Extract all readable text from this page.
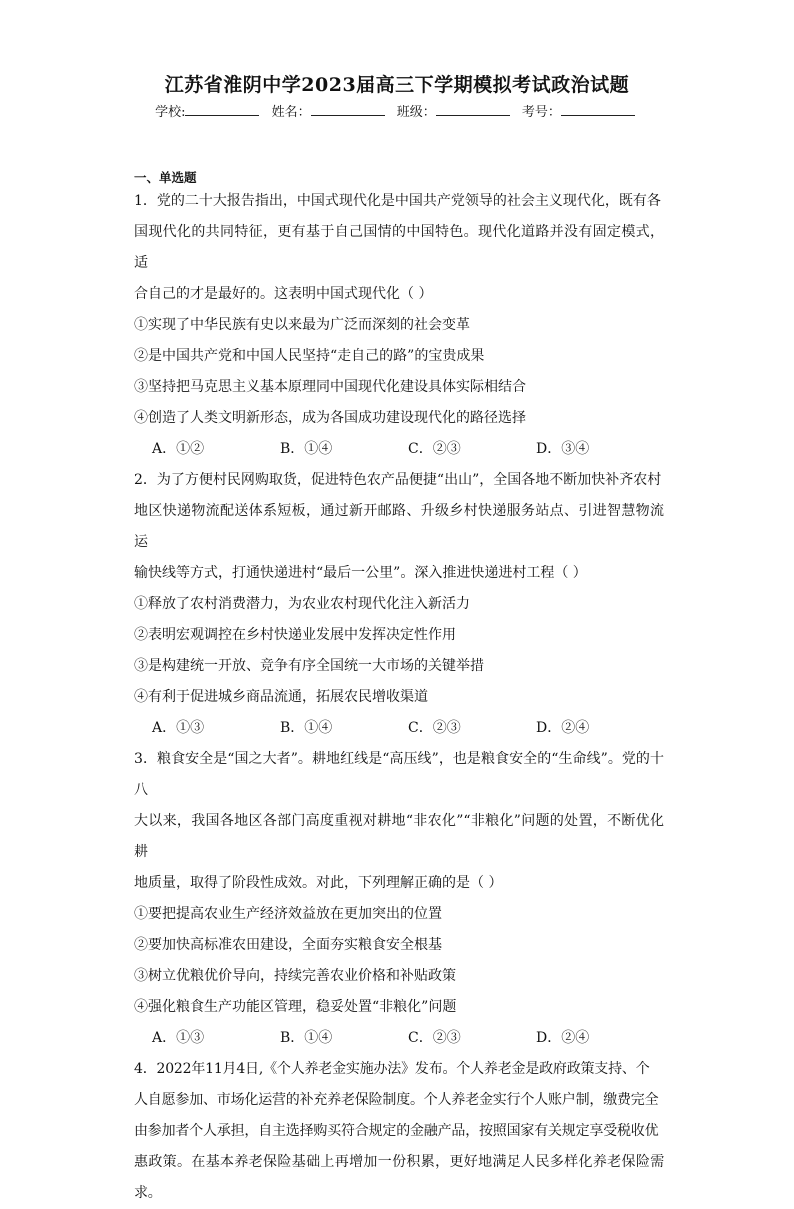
江苏省淮阴中学2023届高三下学期模拟考试政治试题
学校:	姓名：	班级：	考号：
一、单选题
1．党的二十大报告指出，中国式现代化是中国共产党领导的社会主义现代化，既有各
国现代化的共同特征，更有基于自己国情的中国特色。现代化道路并没有固定模式，适
合自己的才是最好的。这表明中国式现代化（ ）
①实现了中华民族有史以来最为广泛而深刻的社会变革
②是中国共产党和中国人民坚持“走自己的路”的宝贵成果
③坚持把马克思主义基本原理同中国现代化建设具体实际相结合
④创造了人类文明新形态，成为各国成功建设现代化的路径选择
A．①②	B．①④	C．②③	D．③④
2．为了方便村民网购取货，促进特色农产品便捷“出山”，全国各地不断加快补齐农村
地区快递物流配送体系短板，通过新开邮路、升级乡村快递服务站点、引进智慧物流运
输快线等方式，打通快递进村“最后一公里”。深入推进快递进村工程（ ）
①释放了农村消费潜力，为农业农村现代化注入新活力
②表明宏观调控在乡村快递业发展中发挥决定性作用
③是构建统一开放、竞争有序全国统一大市场的关键举措
④有利于促进城乡商品流通，拓展农民增收渠道
A．①③	B．①④	C．②③	D．②④
3．粮食安全是“国之大者”。耕地红线是“高压线”，也是粮食安全的“生命线”。党的十八
大以来，我国各地区各部门高度重视对耕地“非农化”“非粮化”问题的处置，不断优化耕
地质量，取得了阶段性成效。对此，下列理解正确的是（ ）
①要把提高农业生产经济效益放在更加突出的位置
②要加快高标准农田建设，全面夯实粮食安全根基
③树立优粮优价导向，持续完善农业价格和补贴政策
④强化粮食生产功能区管理，稳妥处置“非粮化”问题
A．①③	B．①④	C．②③	D．②④
4．2022年11月4日,《个人养老金实施办法》发布。个人养老金是政府政策支持、个
人自愿参加、市场化运营的补充养老保险制度。个人养老金实行个人账户制，缴费完全
由参加者个人承担，自主选择购买符合规定的金融产品，按照国家有关规定享受税收优
惠政策。在基本养老保险基础上再增加一份积累，更好地满足人民多样化养老保险需求。
